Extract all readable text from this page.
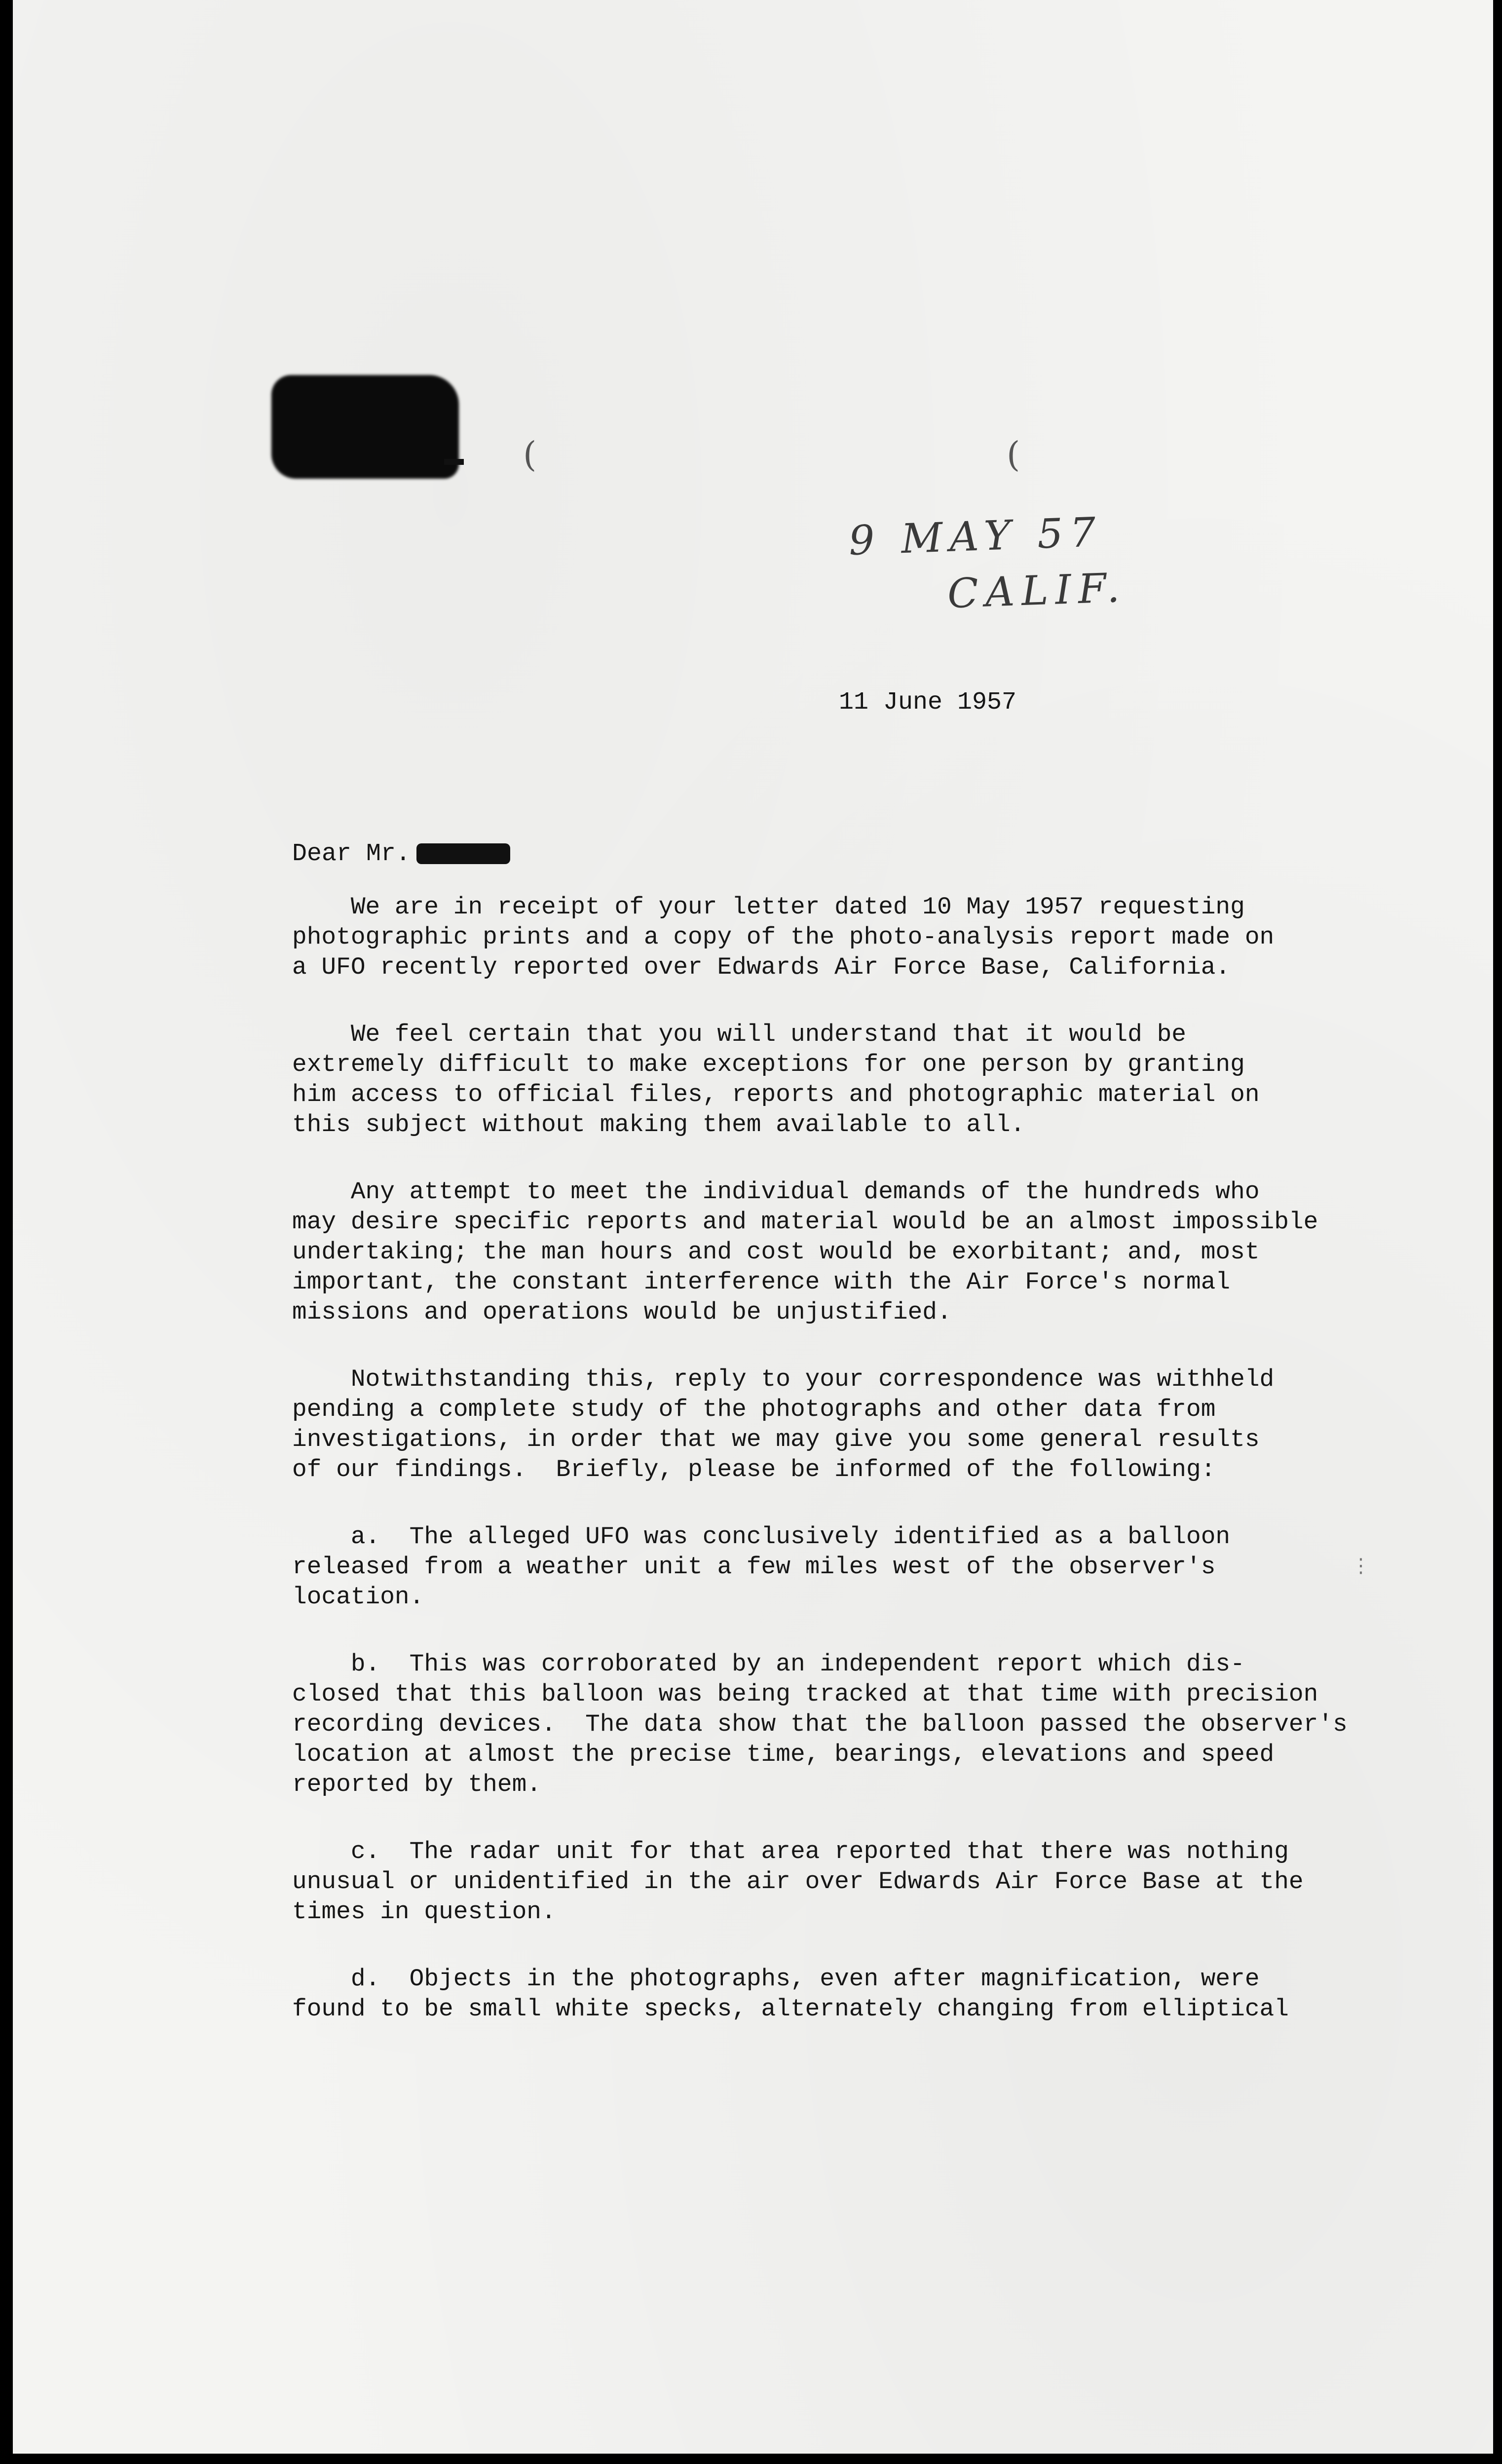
(	(
9 MAY 57
CALIF.
11 June 1957
Dear Mr.

We are in receipt of your letter dated 10 May 1957 requesting
photographic prints and a copy of the photo-analysis report made on
a UFO recently reported over Edwards Air Force Base, California.

We feel certain that you will understand that it would be
extremely difficult to make exceptions for one person by granting
him access to official files, reports and photographic material on
this subject without making them available to all.

Any attempt to meet the individual demands of the hundreds who
may desire specific reports and material would be an almost impossible
undertaking; the man hours and cost would be exorbitant; and, most
important, the constant interference with the Air Force's normal
missions and operations would be unjustified.

Notwithstanding this, reply to your correspondence was withheld
pending a complete study of the photographs and other data from
investigations, in order that we may give you some general results
of our findings.  Briefly, please be informed of the following:

a.  The alleged UFO was conclusively identified as a balloon
released from a weather unit a few miles west of the observer's
location.

b.  This was corroborated by an independent report which dis-
closed that this balloon was being tracked at that time with precision
recording devices.  The data show that the balloon passed the observer's
location at almost the precise time, bearings, elevations and speed
reported by them.

c.  The radar unit for that area reported that there was nothing
unusual or unidentified in the air over Edwards Air Force Base at the
times in question.

d.  Objects in the photographs, even after magnification, were
found to be small white specks, alternately changing from elliptical

⋮
